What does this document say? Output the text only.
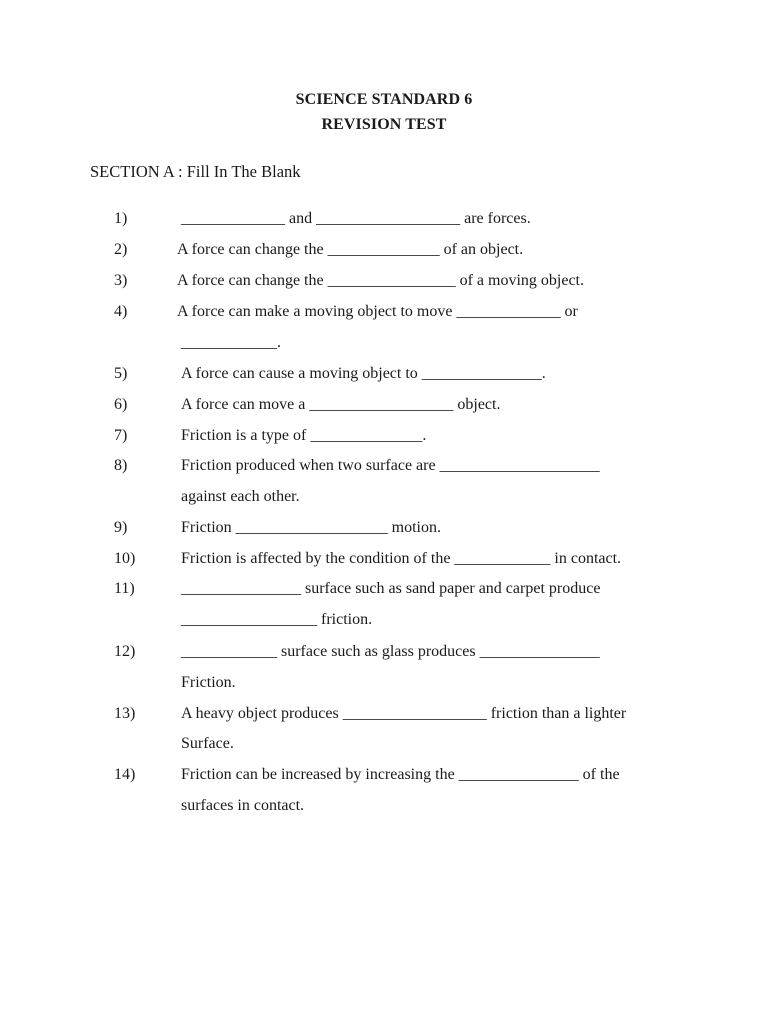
SCIENCE STANDARD 6
REVISION TEST
SECTION A : Fill In The Blank
1)	_____________ and __________________ are forces.
2)	A force can change the ______________ of an object.
3)	A force can change the ________________ of a moving object.
4)	A force can make a moving object to move _____________ or
____________.
5)	A force can cause a moving object to _______________.
6)	A force can move a __________________ object.
7)	Friction is a type of ______________.
8)	Friction produced when two surface are ____________________
against each other.
9)	Friction ___________________ motion.
10)	Friction is affected by the condition of the ____________ in contact.
11)	_______________ surface such as sand paper and carpet produce
_________________ friction.
12)	____________ surface such as glass produces _______________
Friction.
13)	A heavy object produces __________________ friction than a lighter
Surface.
14)	Friction can be increased by increasing the _______________ of the
surfaces in contact.
